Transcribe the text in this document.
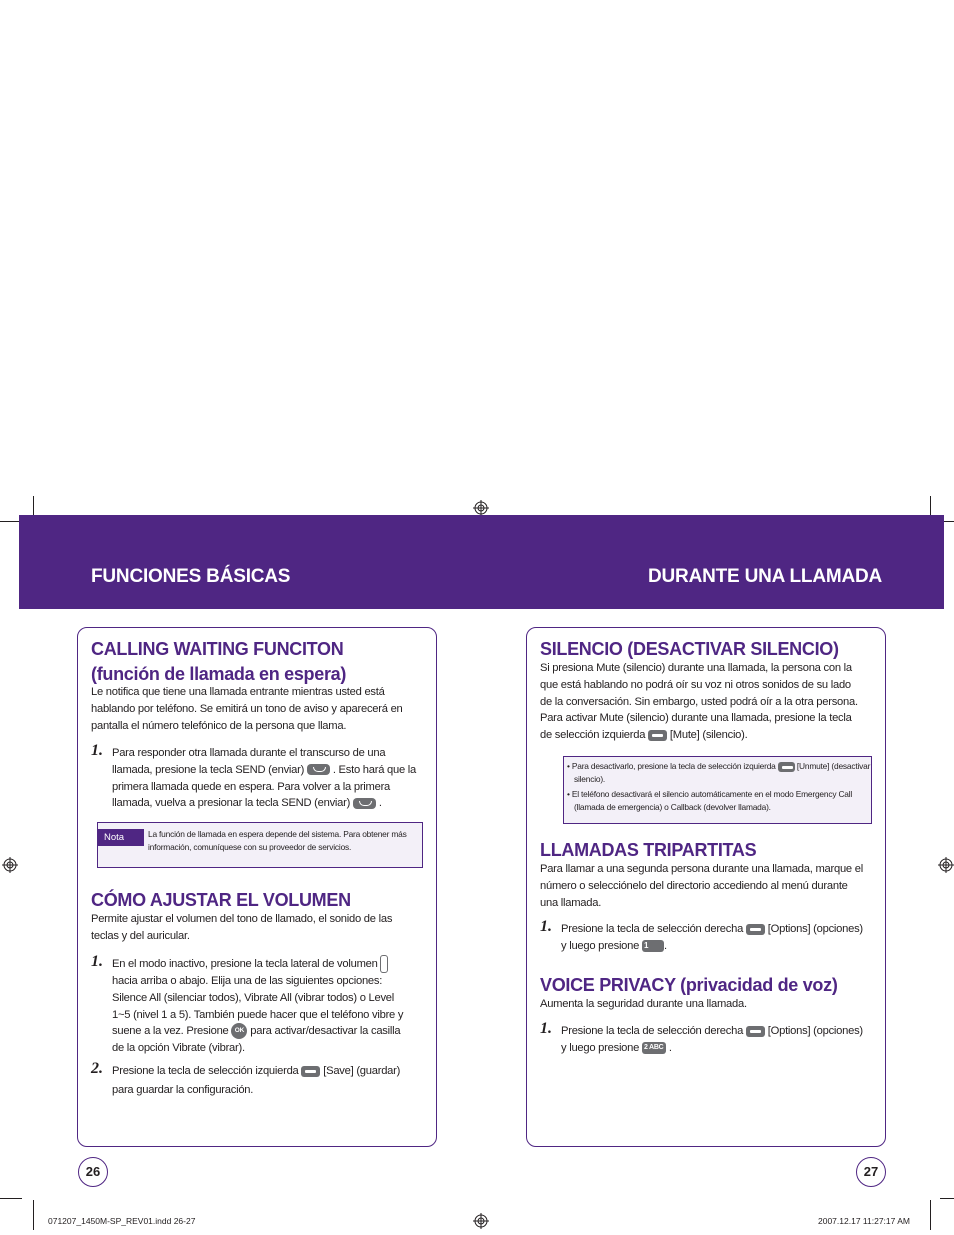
FUNCIONES BÁSICAS	DURANTE UNA LLAMADA
CALLING WAITING FUNCITON
(función de llamada en espera)
Le notifica que tiene una llamada entrante mientras usted está hablando por teléfono. Se emitirá un tono de aviso y aparecerá en pantalla el número telefónico de la persona que llama.
1. Para responder otra llamada durante el transcurso de una llamada, presione la tecla SEND (enviar)	. Esto hará que la primera llamada quede en espera. Para volver a la primera llamada, vuelva a presionar la tecla SEND (enviar)	.
Nota	La función de llamada en espera depende del sistema. Para obtener más información, comuníquese con su proveedor de servicios.
CÓMO AJUSTAR EL VOLUMEN
Permite ajustar el volumen del tono de llamado, el sonido de las teclas y del auricular.
1. En el modo inactivo, presione la tecla lateral de volumen  hacia arriba o abajo. Elija una de las siguientes opciones: Silence All (silenciar todos), Vibrate All (vibrar todos) o Level 1~5 (nivel 1 a 5). También puede hacer que el teléfono vibre y suene a la vez. Presione OK para activar/desactivar la casilla de la opción Vibrate (vibrar).
2. Presione la tecla de selección izquierda [Save] (guardar) para guardar la configuración.
26
SILENCIO (DESACTIVAR SILENCIO)
Si presiona Mute (silencio) durante una llamada, la persona con la que está hablando no podrá oír su voz ni otros sonidos de su lado de la conversación. Sin embargo, usted podrá oír a la otra persona. Para activar Mute (silencio) durante una llamada, presione la tecla de selección izquierda [Mute] (silencio).
• Para desactivarlo, presione la tecla de selección izquierda	[Unmute] (desactivar silencio).
• El teléfono desactivará el silencio automáticamente en el modo Emergency Call (llamada de emergencia) o Callback (devolver llamada).
LLAMADAS TRIPARTITAS
Para llamar a una segunda persona durante una llamada, marque el número o selecciónelo del directorio accediendo al menú durante una llamada.
1. Presione la tecla de selección derecha [Options] (opciones) y luego presione 1 .
VOICE PRIVACY (privacidad de voz)
Aumenta la seguridad durante una llamada.
1. Presione la tecla de selección derecha [Options] (opciones) y luego presione 2 ABC .
27
071207_1450M-SP_REV01.indd 26-27	2007.12.17 11:27:17 AM
